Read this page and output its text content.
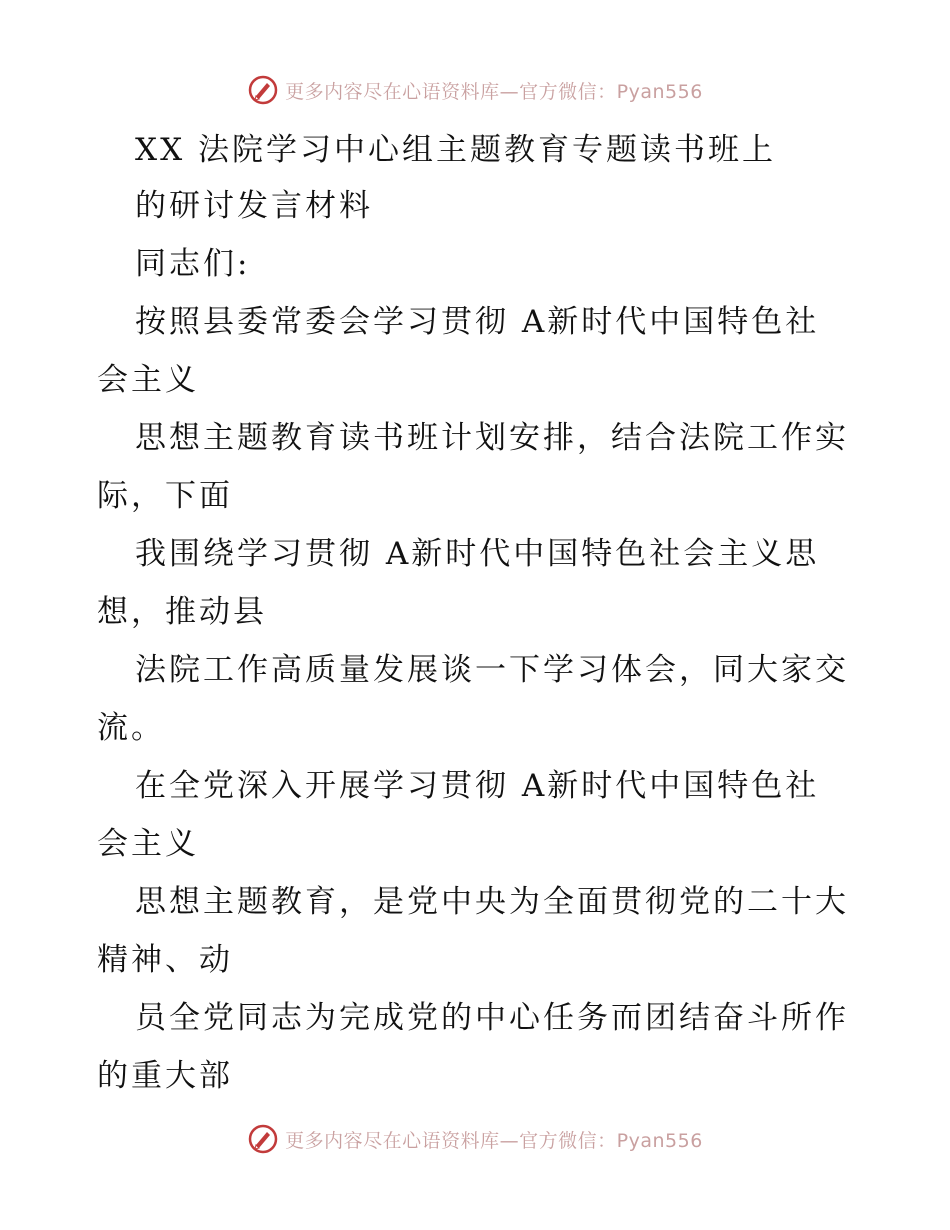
更多内容尽在心语资料库—官方微信：Pyan556
XX 法院学习中心组主题教育专题读书班上
的研讨发言材料
同志们:
按照县委常委会学习贯彻 A新时代中国特色社
会主义
思想主题教育读书班计划安排，结合法院工作实
际，下面
我围绕学习贯彻 A新时代中国特色社会主义思
想，推动县
法院工作高质量发展谈一下学习体会，同大家交
流。
在全党深入开展学习贯彻 A新时代中国特色社
会主义
思想主题教育，是党中央为全面贯彻党的二十大
精神、动
员全党同志为完成党的中心任务而团结奋斗所作
的重大部
更多内容尽在心语资料库—官方微信：Pyan556
